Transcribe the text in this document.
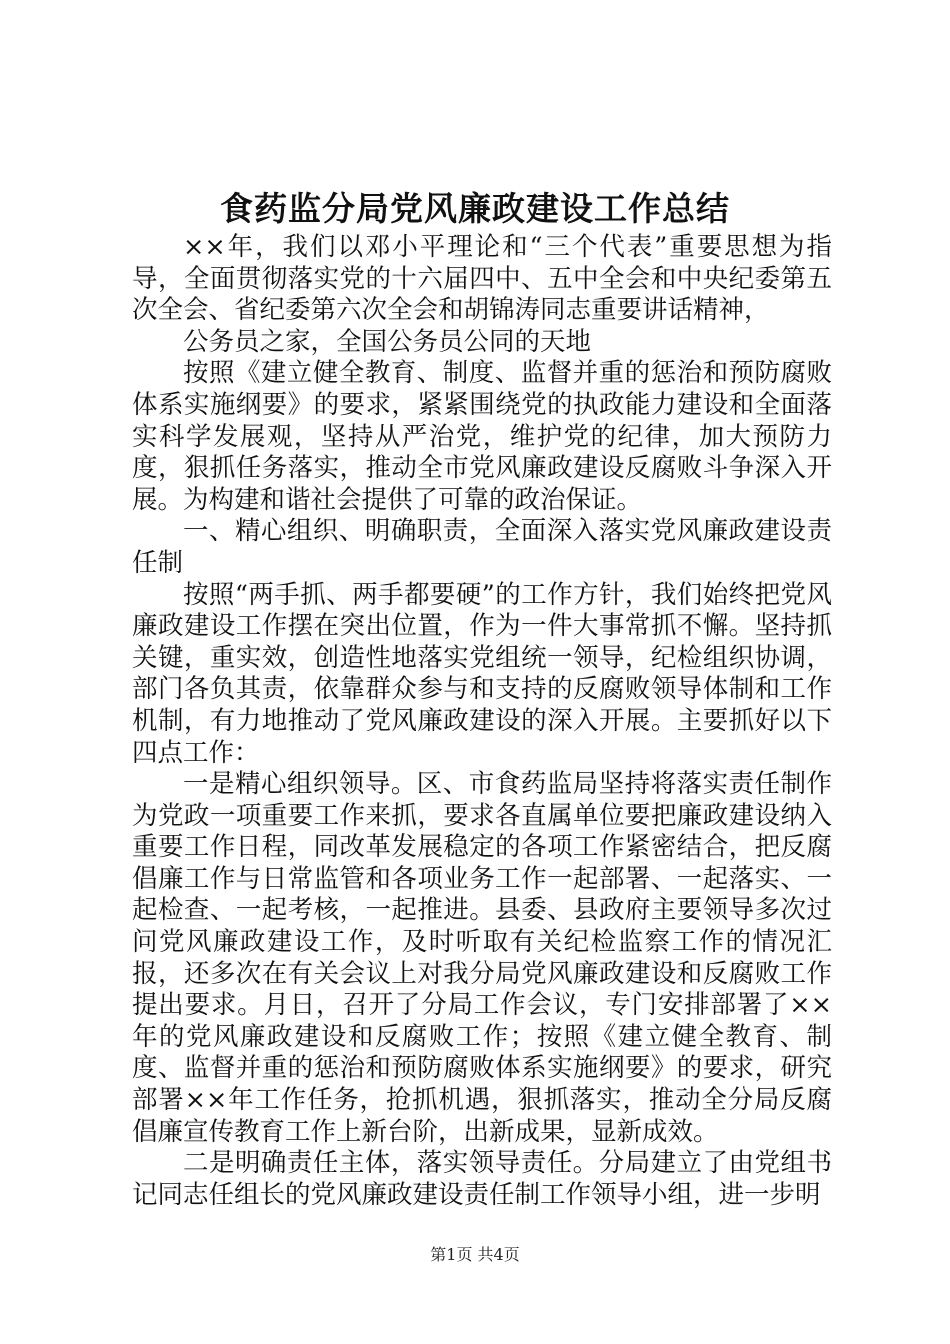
食药监分局党风廉政建设工作总结

××年，我们以邓小平理论和“三个代表”重要思想为指导，全面贯彻落实党的十六届四中、五中全会和中央纪委第五次全会、省纪委第六次全会和胡锦涛同志重要讲话精神，

公务员之家，全国公务员公同的天地

按照《建立健全教育、制度、监督并重的惩治和预防腐败体系实施纲要》的要求，紧紧围绕党的执政能力建设和全面落实科学发展观，坚持从严治党，维护党的纪律，加大预防力度，狠抓任务落实，推动全市党风廉政建设反腐败斗争深入开展。为构建和谐社会提供了可靠的政治保证。

一、精心组织、明确职责，全面深入落实党风廉政建设责任制

按照“两手抓、两手都要硬”的工作方针，我们始终把党风廉政建设工作摆在突出位置，作为一件大事常抓不懈。坚持抓关键，重实效，创造性地落实党组统一领导，纪检组织协调，部门各负其责，依靠群众参与和支持的反腐败领导体制和工作机制，有力地推动了党风廉政建设的深入开展。主要抓好以下四点工作：

一是精心组织领导。区、市食药监局坚持将落实责任制作为党政一项重要工作来抓，要求各直属单位要把廉政建设纳入重要工作日程，同改革发展稳定的各项工作紧密结合，把反腐倡廉工作与日常监管和各项业务工作一起部署、一起落实、一起检查、一起考核，一起推进。县委、县政府主要领导多次过问党风廉政建设工作，及时听取有关纪检监察工作的情况汇报，还多次在有关会议上对我分局党风廉政建设和反腐败工作提出要求。月日，召开了分局工作会议，专门安排部署了××年的党风廉政建设和反腐败工作；按照《建立健全教育、制度、监督并重的惩治和预防腐败体系实施纲要》的要求，研究部署××年工作任务，抢抓机遇，狠抓落实，推动全分局反腐倡廉宣传教育工作上新台阶，出新成果，显新成效。

二是明确责任主体，落实领导责任。分局建立了由党组书记同志任组长的党风廉政建设责任制工作领导小组，进一步明

第1页 共4页
